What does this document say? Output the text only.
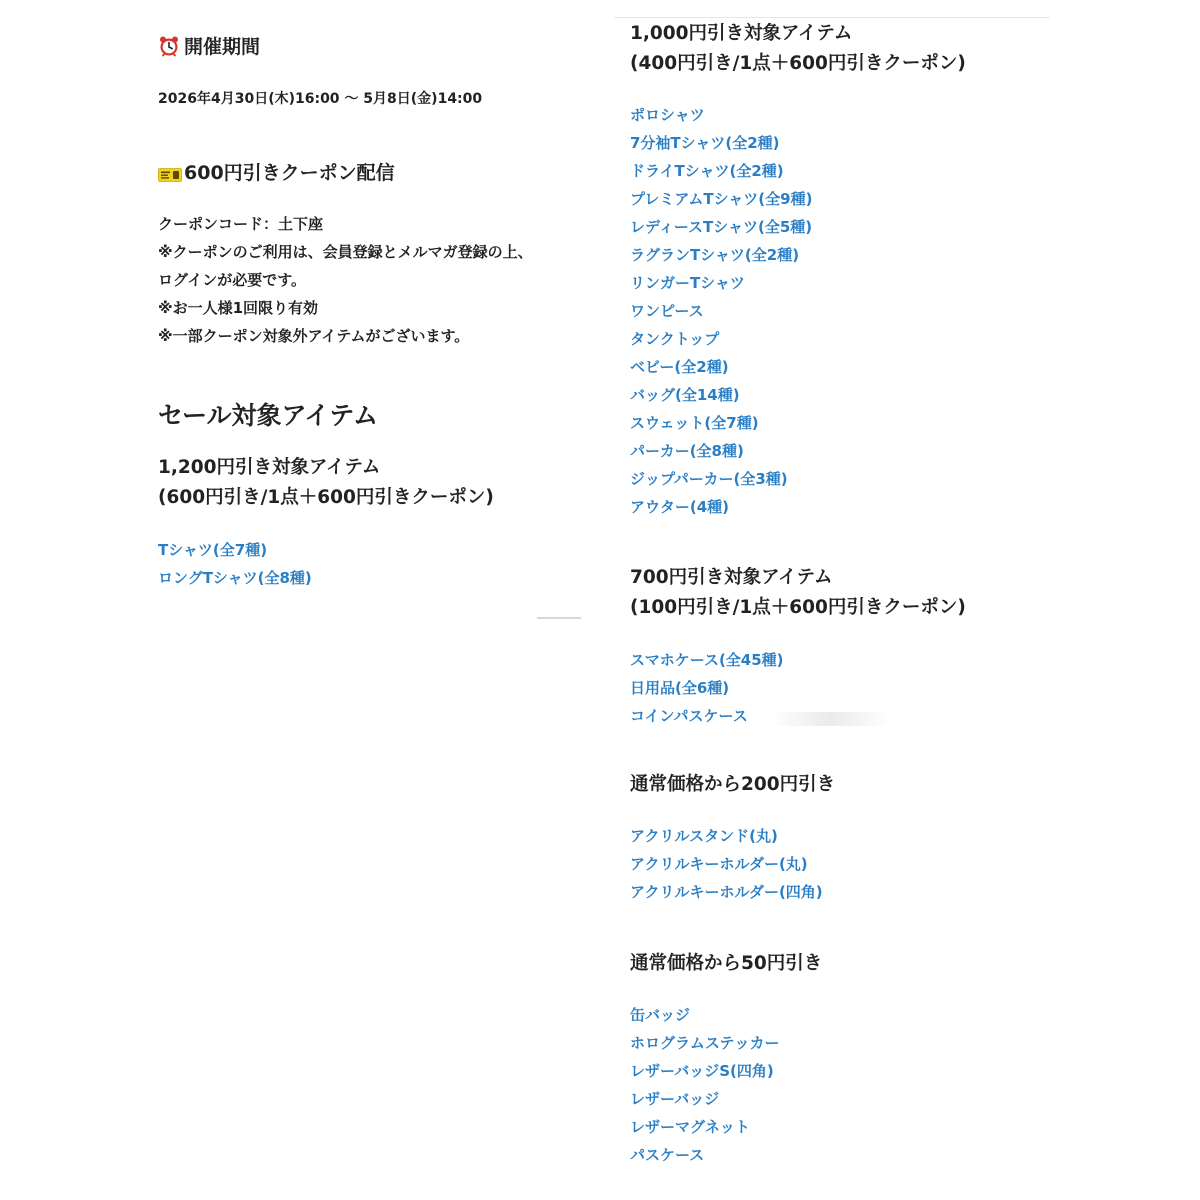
開催期間
2026年4月30日(木)16:00 〜 5月8日(金)14:00
600円引きクーポン配信
クーポンコード：土下座
※クーポンのご利用は、会員登録とメルマガ登録の上、
ログインが必要です。
※お一人様1回限り有効
※一部クーポン対象外アイテムがございます。
セール対象アイテム
1,200円引き対象アイテム
(600円引き/1点＋600円引きクーポン)
Tシャツ(全7種)
ロングTシャツ(全8種)
1,000円引き対象アイテム
(400円引き/1点＋600円引きクーポン)
ポロシャツ
7分袖Tシャツ(全2種)
ドライTシャツ(全2種)
プレミアムTシャツ(全9種)
レディースTシャツ(全5種)
ラグランTシャツ(全2種)
リンガーTシャツ
ワンピース
タンクトップ
ベビー(全2種)
バッグ(全14種)
スウェット(全7種)
パーカー(全8種)
ジップパーカー(全3種)
アウター(4種)
700円引き対象アイテム
(100円引き/1点＋600円引きクーポン)
スマホケース(全45種)
日用品(全6種)
コインパスケース
通常価格から200円引き
アクリルスタンド(丸)
アクリルキーホルダー(丸)
アクリルキーホルダー(四角)
通常価格から50円引き
缶バッジ
ホログラムステッカー
レザーバッジS(四角)
レザーバッジ
レザーマグネット
パスケース
